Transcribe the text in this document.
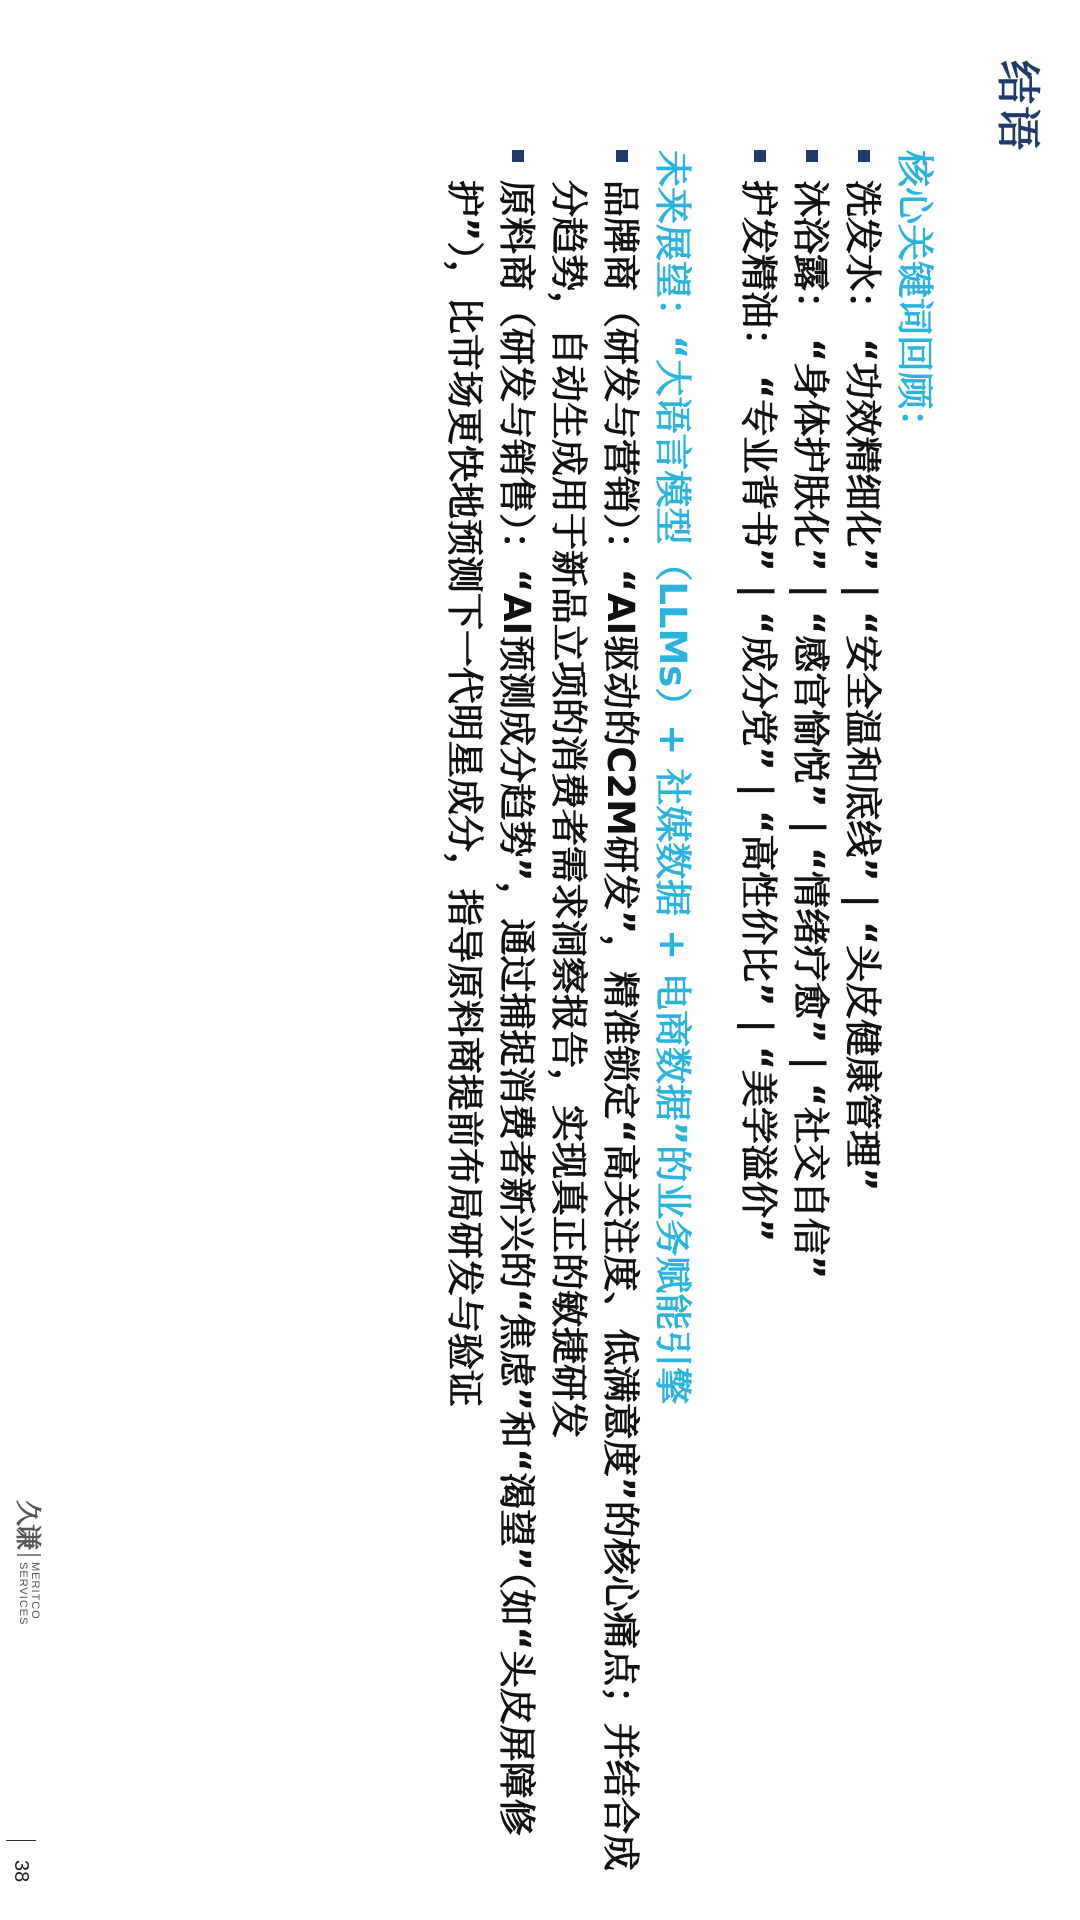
结语

核心关键词回顾：

洗发水：“功效精细化” | “安全温和底线” | “头皮健康管理”

沐浴露：“身体护肤化” | “感官愉悦” | “情绪疗愈” | “社交自信”

护发精油：“专业背书” | “成分党” | “高性价比” | “美学溢价”

未来展望：“大语言模型（LLMs）+ 社媒数据 + 电商数据”的业务赋能引擎

品牌商（研发与营销）：“AI驱动的C2M研发”，精准锁定“高关注度、低满意度”的核心痛点；并结合成分趋势，自动生成用于新品立项的消费者需求洞察报告，实现真正的敏捷研发

原料商（研发与销售）：“AI预测成分趋势”，通过捕捉消费者新兴的“焦虑”和“渴望”（如“头皮屏障修护”），比市场更快地预测下一代明星成分，指导原料商提前布局研发与验证

久谦
MERITCO
SERVICES
38
